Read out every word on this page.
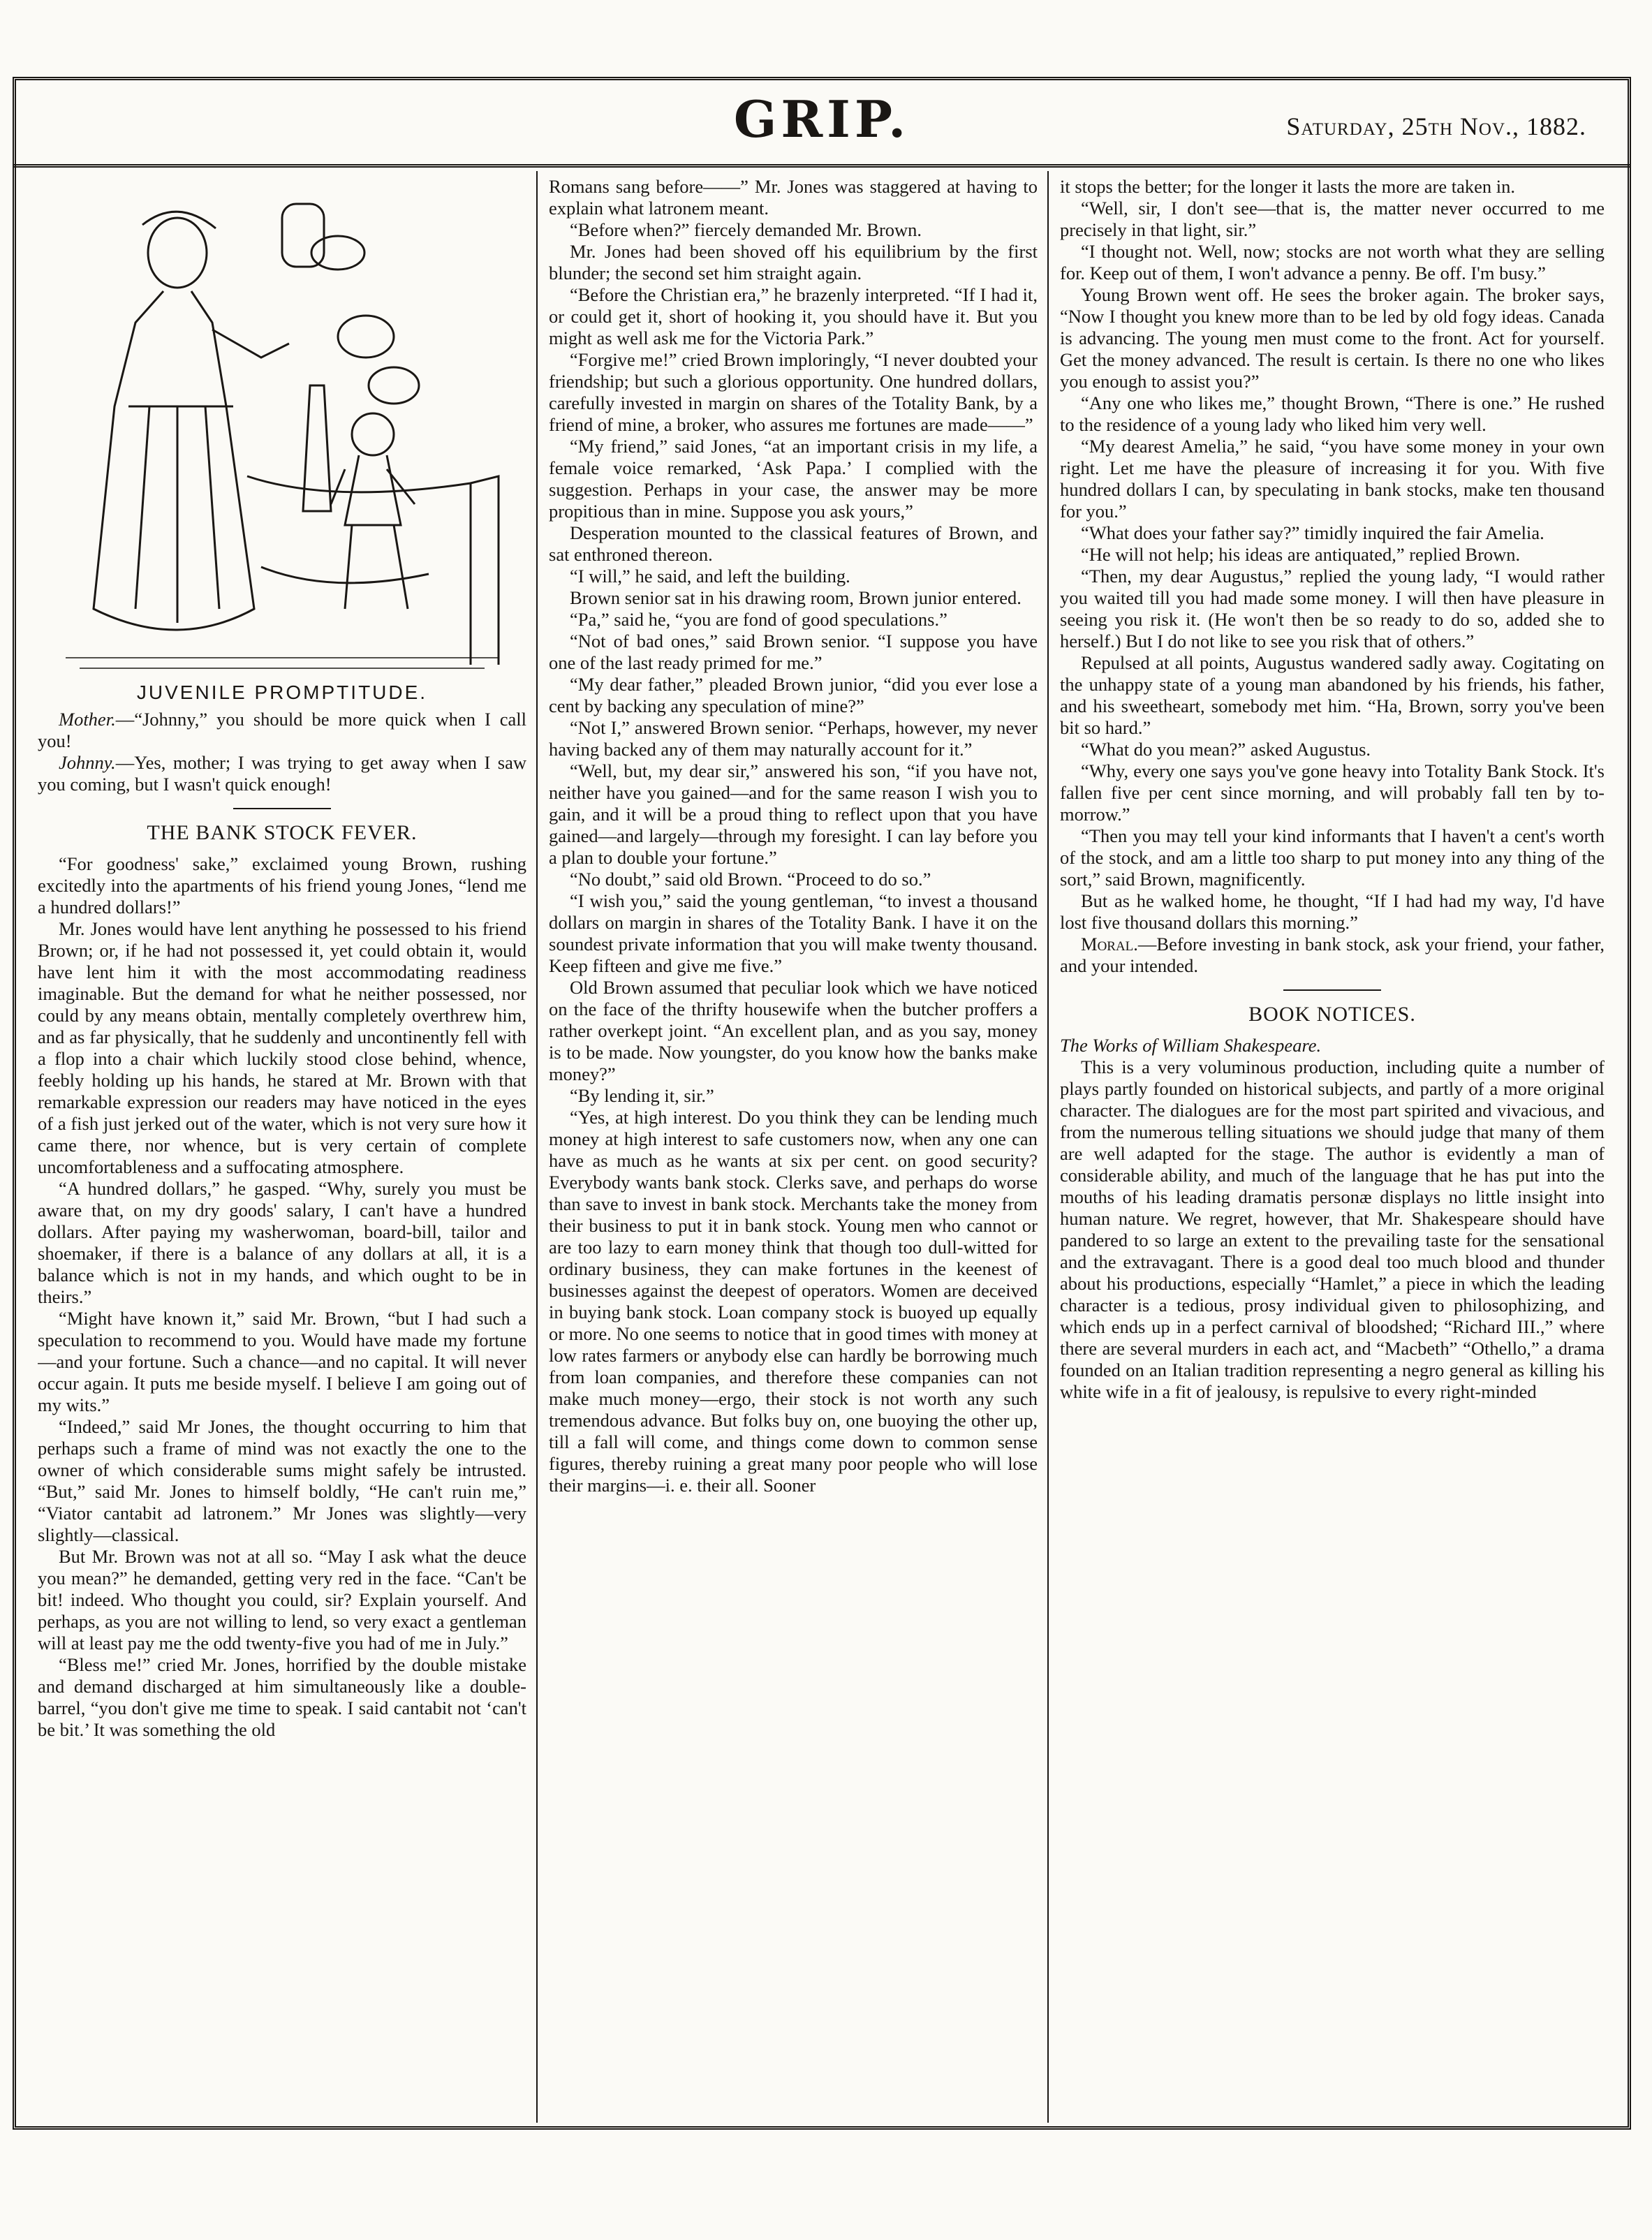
GRIP.	Saturday, 25th Nov., 1882.
JUVENILE PROMPTITUDE.

Mother.—“Johnny,” you should be more quick when I call you!

Johnny.—Yes, mother; I was trying to get away when I saw you coming, but I wasn't quick enough!

THE BANK STOCK FEVER.

“For goodness' sake,” exclaimed young Brown, rushing excitedly into the apartments of his friend young Jones, “lend me a hundred dollars!”

Mr. Jones would have lent anything he possessed to his friend Brown; or, if he had not possessed it, yet could obtain it, would have lent him it with the most accommodating readiness imaginable. But the demand for what he neither possessed, nor could by any means obtain, mentally completely overthrew him, and as far physically, that he suddenly and uncontinently fell with a flop into a chair which luckily stood close behind, whence, feebly holding up his hands, he stared at Mr. Brown with that remarkable expression our readers may have noticed in the eyes of a fish just jerked out of the water, which is not very sure how it came there, nor whence, but is very certain of complete uncomfortableness and a suffocating atmosphere.

“A hundred dollars,” he gasped. “Why, surely you must be aware that, on my dry goods' salary, I can't have a hundred dollars. After paying my washerwoman, board-bill, tailor and shoemaker, if there is a balance of any dollars at all, it is a balance which is not in my hands, and which ought to be in theirs.”

“Might have known it,” said Mr. Brown, “but I had such a speculation to recommend to you. Would have made my fortune—and your fortune. Such a chance—and no capital. It will never occur again. It puts me beside myself. I believe I am going out of my wits.”

“Indeed,” said Mr Jones, the thought occurring to him that perhaps such a frame of mind was not exactly the one to the owner of which considerable sums might safely be intrusted. “But,” said Mr. Jones to himself boldly, “He can't ruin me,” “Viator cantabit ad latronem.” Mr Jones was slightly—very slightly—classical.

But Mr. Brown was not at all so. “May I ask what the deuce you mean?” he demanded, getting very red in the face. “Can't be bit! indeed. Who thought you could, sir? Explain yourself. And perhaps, as you are not willing to lend, so very exact a gentleman will at least pay me the odd twenty-five you had of me in July.”

“Bless me!” cried Mr. Jones, horrified by the double mistake and demand discharged at him simultaneously like a double-barrel, “you don't give me time to speak. I said cantabit not ‘can't be bit.’ It was something the old

Romans sang before——” Mr. Jones was staggered at having to explain what latronem meant.

“Before when?” fiercely demanded Mr. Brown.

Mr. Jones had been shoved off his equilibrium by the first blunder; the second set him straight again.

“Before the Christian era,” he brazenly interpreted. “If I had it, or could get it, short of hooking it, you should have it. But you might as well ask me for the Victoria Park.”

“Forgive me!” cried Brown imploringly, “I never doubted your friendship; but such a glorious opportunity. One hundred dollars, carefully invested in margin on shares of the Totality Bank, by a friend of mine, a broker, who assures me fortunes are made——”

“My friend,” said Jones, “at an important crisis in my life, a female voice remarked, ‘Ask Papa.’ I complied with the suggestion. Perhaps in your case, the answer may be more propitious than in mine. Suppose you ask yours,”

Desperation mounted to the classical features of Brown, and sat enthroned thereon.

“I will,” he said, and left the building.

Brown senior sat in his drawing room, Brown junior entered.

“Pa,” said he, “you are fond of good speculations.”

“Not of bad ones,” said Brown senior. “I suppose you have one of the last ready primed for me.”

“My dear father,” pleaded Brown junior, “did you ever lose a cent by backing any speculation of mine?”

“Not I,” answered Brown senior. “Perhaps, however, my never having backed any of them may naturally account for it.”

“Well, but, my dear sir,” answered his son, “if you have not, neither have you gained—and for the same reason I wish you to gain, and it will be a proud thing to reflect upon that you have gained—and largely—through my foresight. I can lay before you a plan to double your fortune.”

“No doubt,” said old Brown. “Proceed to do so.”

“I wish you,” said the young gentleman, “to invest a thousand dollars on margin in shares of the Totality Bank. I have it on the soundest private information that you will make twenty thousand. Keep fifteen and give me five.”

Old Brown assumed that peculiar look which we have noticed on the face of the thrifty housewife when the butcher proffers a rather overkept joint. “An excellent plan, and as you say, money is to be made. Now youngster, do you know how the banks make money?”

“By lending it, sir.”

“Yes, at high interest. Do you think they can be lending much money at high interest to safe customers now, when any one can have as much as he wants at six per cent. on good security? Everybody wants bank stock. Clerks save, and perhaps do worse than save to invest in bank stock. Merchants take the money from their business to put it in bank stock. Young men who cannot or are too lazy to earn money think that though too dull-witted for ordinary business, they can make fortunes in the keenest of businesses against the deepest of operators. Women are deceived in buying bank stock. Loan company stock is buoyed up equally or more. No one seems to notice that in good times with money at low rates farmers or anybody else can hardly be borrowing much from loan companies, and therefore these companies can not make much money—ergo, their stock is not worth any such tremendous advance. But folks buy on, one buoying the other up, till a fall will come, and things come down to common sense figures, thereby ruining a great many poor people who will lose their margins—i. e. their all. Sooner

it stops the better; for the longer it lasts the more are taken in.

“Well, sir, I don't see—that is, the matter never occurred to me precisely in that light, sir.”

“I thought not. Well, now; stocks are not worth what they are selling for. Keep out of them, I won't advance a penny. Be off. I'm busy.”

Young Brown went off. He sees the broker again. The broker says, “Now I thought you knew more than to be led by old fogy ideas. Canada is advancing. The young men must come to the front. Act for yourself. Get the money advanced. The result is certain. Is there no one who likes you enough to assist you?”

“Any one who likes me,” thought Brown, “There is one.” He rushed to the residence of a young lady who liked him very well.

“My dearest Amelia,” he said, “you have some money in your own right. Let me have the pleasure of increasing it for you. With five hundred dollars I can, by speculating in bank stocks, make ten thousand for you.”

“What does your father say?” timidly inquired the fair Amelia.

“He will not help; his ideas are antiquated,” replied Brown.

“Then, my dear Augustus,” replied the young lady, “I would rather you waited till you had made some money. I will then have pleasure in seeing you risk it. (He won't then be so ready to do so, added she to herself.) But I do not like to see you risk that of others.”

Repulsed at all points, Augustus wandered sadly away. Cogitating on the unhappy state of a young man abandoned by his friends, his father, and his sweetheart, somebody met him. “Ha, Brown, sorry you've been bit so hard.”

“What do you mean?” asked Augustus.

“Why, every one says you've gone heavy into Totality Bank Stock. It's fallen five per cent since morning, and will probably fall ten by to-morrow.”

“Then you may tell your kind informants that I haven't a cent's worth of the stock, and am a little too sharp to put money into any thing of the sort,” said Brown, magnificently.

But as he walked home, he thought, “If I had had my way, I'd have lost five thousand dollars this morning.”

Moral.—Before investing in bank stock, ask your friend, your father, and your intended.

BOOK NOTICES.

The Works of William Shakespeare.

This is a very voluminous production, including quite a number of plays partly founded on historical subjects, and partly of a more original character. The dialogues are for the most part spirited and vivacious, and from the numerous telling situations we should judge that many of them are well adapted for the stage. The author is evidently a man of considerable ability, and much of the language that he has put into the mouths of his leading dramatis personæ displays no little insight into human nature. We regret, however, that Mr. Shakespeare should have pandered to so large an extent to the prevailing taste for the sensational and the extravagant. There is a good deal too much blood and thunder about his productions, especially “Hamlet,” a piece in which the leading character is a tedious, prosy individual given to philosophizing, and which ends up in a perfect carnival of bloodshed; “Richard III.,” where there are several murders in each act, and “Macbeth” “Othello,” a drama founded on an Italian tradition representing a negro general as killing his white wife in a fit of jealousy, is repulsive to every right-minded
